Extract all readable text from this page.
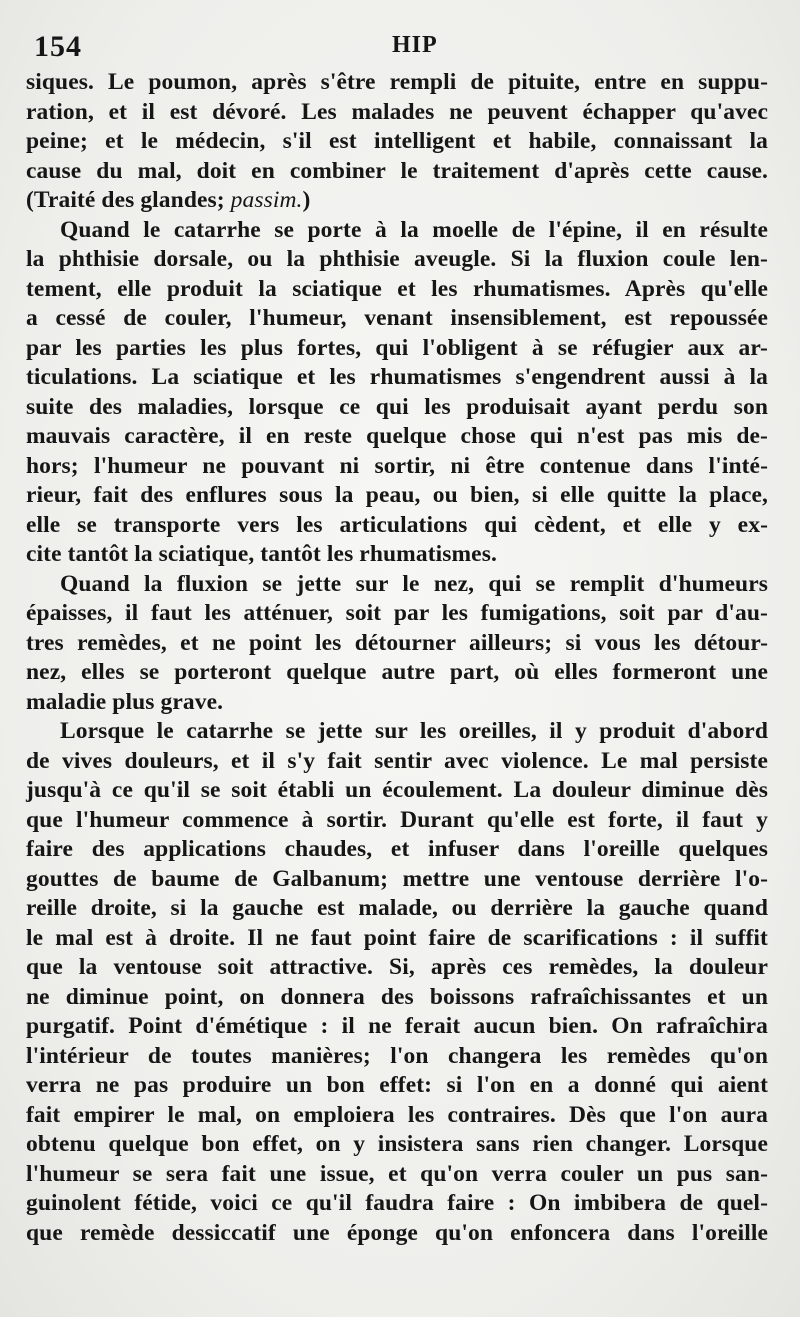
154	HIP
siques. Le poumon, après s'être rempli de pituite, entre en suppu-
ration, et il est dévoré. Les malades ne peuvent échapper qu'avec
peine; et le médecin, s'il est intelligent et habile, connaissant la
cause du mal, doit en combiner le traitement d'après cette cause.
(Traité des glandes; passim.)
Quand le catarrhe se porte à la moelle de l'épine, il en résulte
la phthisie dorsale, ou la phthisie aveugle. Si la fluxion coule len-
tement, elle produit la sciatique et les rhumatismes. Après qu'elle
a cessé de couler, l'humeur, venant insensiblement, est repoussée
par les parties les plus fortes, qui l'obligent à se réfugier aux ar-
ticulations. La sciatique et les rhumatismes s'engendrent aussi à la
suite des maladies, lorsque ce qui les produisait ayant perdu son
mauvais caractère, il en reste quelque chose qui n'est pas mis de-
hors; l'humeur ne pouvant ni sortir, ni être contenue dans l'inté-
rieur, fait des enflures sous la peau, ou bien, si elle quitte la place,
elle se transporte vers les articulations qui cèdent, et elle y ex-
cite tantôt la sciatique, tantôt les rhumatismes.
Quand la fluxion se jette sur le nez, qui se remplit d'humeurs
épaisses, il faut les atténuer, soit par les fumigations, soit par d'au-
tres remèdes, et ne point les détourner ailleurs; si vous les détour-
nez, elles se porteront quelque autre part, où elles formeront une
maladie plus grave.
Lorsque le catarrhe se jette sur les oreilles, il y produit d'abord
de vives douleurs, et il s'y fait sentir avec violence. Le mal persiste
jusqu'à ce qu'il se soit établi un écoulement. La douleur diminue dès
que l'humeur commence à sortir. Durant qu'elle est forte, il faut y
faire des applications chaudes, et infuser dans l'oreille quelques
gouttes de baume de Galbanum; mettre une ventouse derrière l'o-
reille droite, si la gauche est malade, ou derrière la gauche quand
le mal est à droite. Il ne faut point faire de scarifications : il suffit
que la ventouse soit attractive. Si, après ces remèdes, la douleur
ne diminue point, on donnera des boissons rafraîchissantes et un
purgatif. Point d'émétique : il ne ferait aucun bien. On rafraîchira
l'intérieur de toutes manières; l'on changera les remèdes qu'on
verra ne pas produire un bon effet: si l'on en a donné qui aient
fait empirer le mal, on emploiera les contraires. Dès que l'on aura
obtenu quelque bon effet, on y insistera sans rien changer. Lorsque
l'humeur se sera fait une issue, et qu'on verra couler un pus san-
guinolent fétide, voici ce qu'il faudra faire : On imbibera de quel-
que remède dessiccatif une éponge qu'on enfoncera dans l'oreille
